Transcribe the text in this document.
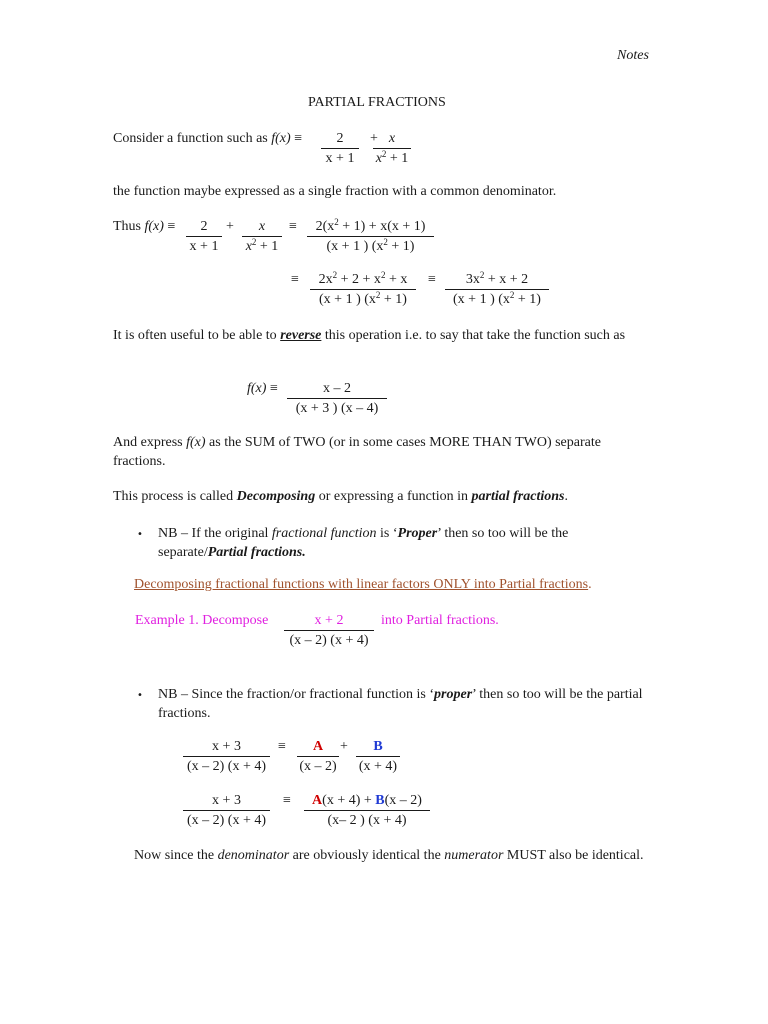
Notes
PARTIAL FRACTIONS
Consider a function such as $f(x) \equiv \frac{2}{x + 1}$ +
$\frac{x}{x^2 + 1}$
the function maybe expressed as a single fraction with a common denominator.
Thus $f(x) \equiv \frac{2}{x + 1} + \frac{x}{x^2 + 1} \equiv \frac{2(x^2 + 1) + x(x + 1)}{(x + 1 ) (x^2 + 1)}$
≡ $\frac{2x^2 + 2 + x^2 + x}{(x + 1 ) (x^2 + 1)} \equiv \frac{3x^2 + x + 2}{(x + 1 ) (x^2 + 1)}$
It is often useful to be able to reverse this operation i.e. to say that take the function such as
$f(x) \equiv \frac{x - 2}{(x + 3 ) (x - 4)}$
And express f(x) as the SUM of TWO (or in some cases MORE THAN TWO) separate fractions.
This process is called Decomposing or expressing a function in partial fractions.
• NB – If the original fractional function is ‘Proper’ then so too will be the separate/Partial fractions.
Decomposing fractional functions with linear factors ONLY into Partial fractions.
Example 1. Decompose $\frac{x + 2}{(x - 2) (x + 4)}$ into Partial fractions.
• NB – Since the fraction/or fractional function is ‘proper’ then so too will be the partial fractions.
$\frac{x + 3}{(x - 2) (x + 4)} \equiv \frac{A}{(x - 2)} + \frac{B}{(x + 4)}$
$\frac{x + 3}{(x - 2) (x + 4)} \equiv \frac{A(x + 4) + B(x - 2)}{(x- 2 ) (x + 4)}$
Now since the denominator are obviously identical the numerator MUST also be identical.
